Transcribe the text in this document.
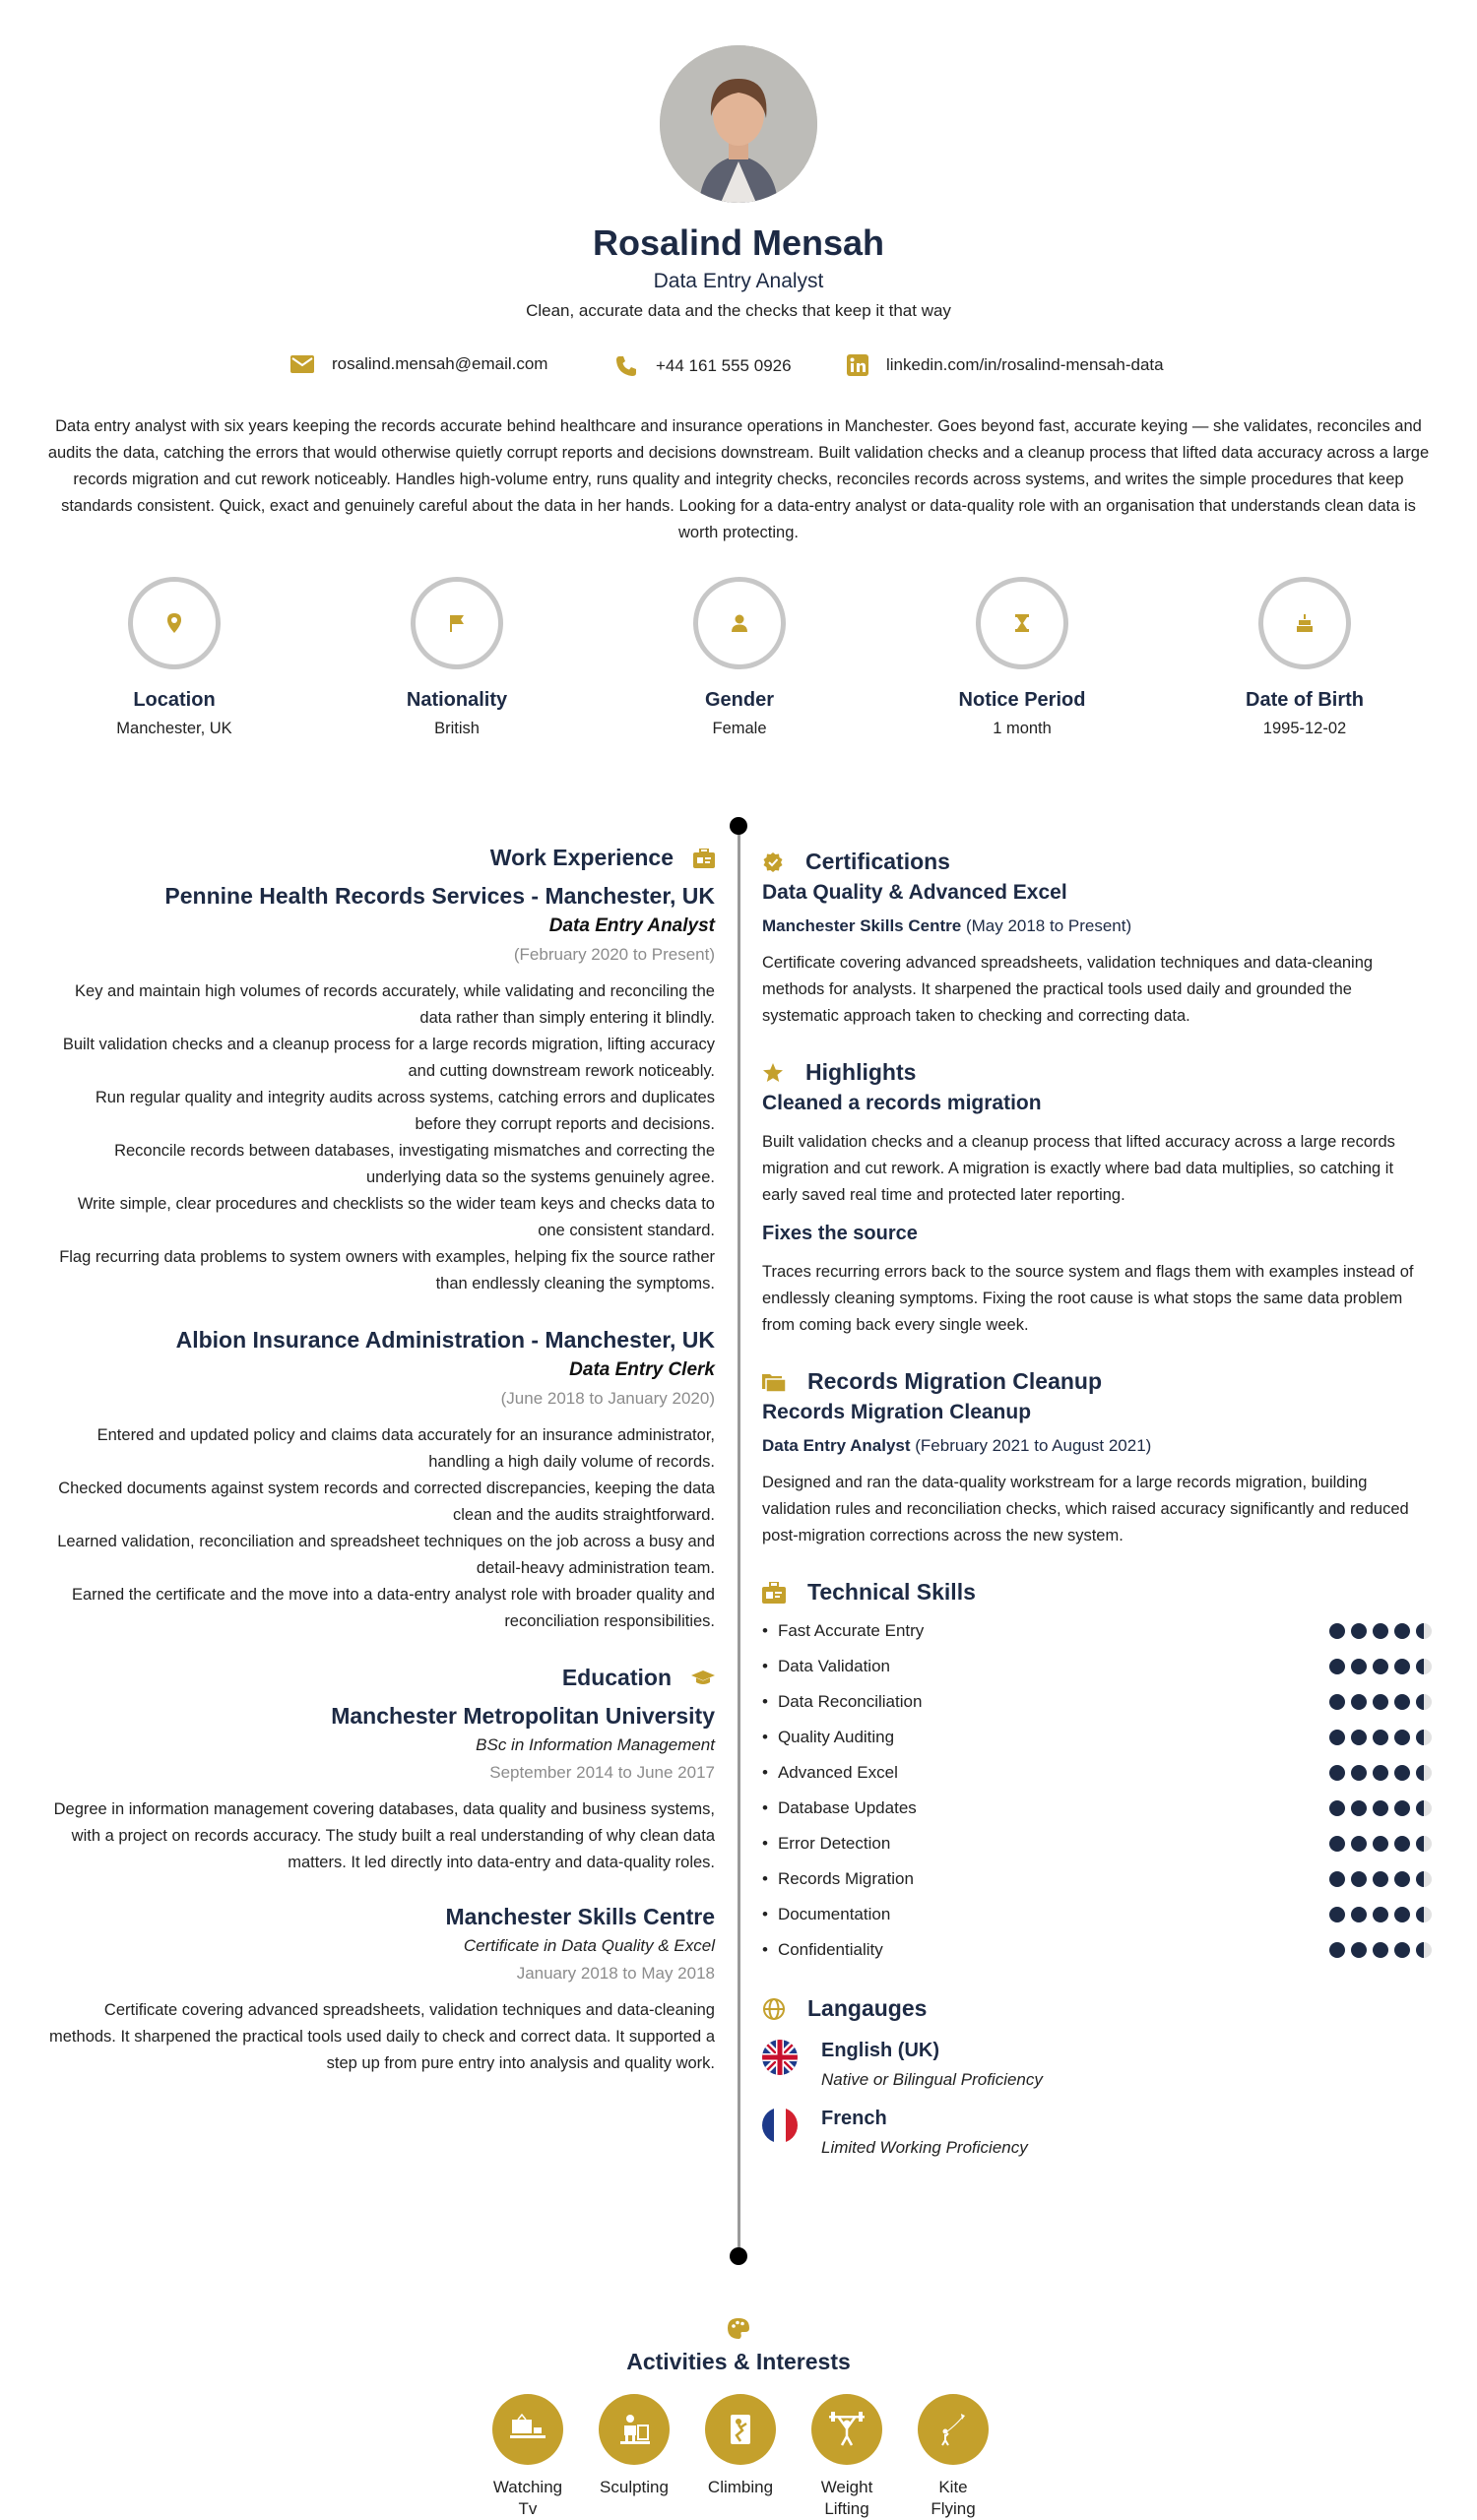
Rosalind Mensah
Data Entry Analyst
Clean, accurate data and the checks that keep it that way
rosalind.mensah@email.com	+44 161 555 0926	linkedin.com/in/rosalind-mensah-data
Data entry analyst with six years keeping the records accurate behind healthcare and insurance operations in Manchester. Goes beyond fast, accurate keying — she validates, reconciles and audits the data, catching the errors that would otherwise quietly corrupt reports and decisions downstream. Built validation checks and a cleanup process that lifted data accuracy across a large records migration and cut rework noticeably. Handles high-volume entry, runs quality and integrity checks, reconciles records across systems, and writes the simple procedures that keep standards consistent. Quick, exact and genuinely careful about the data in her hands. Looking for a data-entry analyst or data-quality role with an organisation that understands clean data is worth protecting.
Location
Manchester, UK
Nationality
British
Gender
Female
Notice Period
1 month
Date of Birth
1995-12-02
Work Experience
Pennine Health Records Services - Manchester, UK
Data Entry Analyst
(February 2020 to Present)
Key and maintain high volumes of records accurately, while validating and reconciling the data rather than simply entering it blindly.
Built validation checks and a cleanup process for a large records migration, lifting accuracy and cutting downstream rework noticeably.
Run regular quality and integrity audits across systems, catching errors and duplicates before they corrupt reports and decisions.
Reconcile records between databases, investigating mismatches and correcting the underlying data so the systems genuinely agree.
Write simple, clear procedures and checklists so the wider team keys and checks data to one consistent standard.
Flag recurring data problems to system owners with examples, helping fix the source rather than endlessly cleaning the symptoms.
Albion Insurance Administration - Manchester, UK
Data Entry Clerk
(June 2018 to January 2020)
Entered and updated policy and claims data accurately for an insurance administrator, handling a high daily volume of records.
Checked documents against system records and corrected discrepancies, keeping the data clean and the audits straightforward.
Learned validation, reconciliation and spreadsheet techniques on the job across a busy and detail-heavy administration team.
Earned the certificate and the move into a data-entry analyst role with broader quality and reconciliation responsibilities.
Education
Manchester Metropolitan University
BSc in Information Management
September 2014 to June 2017
Degree in information management covering databases, data quality and business systems, with a project on records accuracy. The study built a real understanding of why clean data matters. It led directly into data-entry and data-quality roles.
Manchester Skills Centre
Certificate in Data Quality & Excel
January 2018 to May 2018
Certificate covering advanced spreadsheets, validation techniques and data-cleaning methods. It sharpened the practical tools used daily to check and correct data. It supported a step up from pure entry into analysis and quality work.
Certifications
Data Quality & Advanced Excel
Manchester Skills Centre (May 2018 to Present)
Certificate covering advanced spreadsheets, validation techniques and data-cleaning methods for analysts. It sharpened the practical tools used daily and grounded the systematic approach taken to checking and correcting data.
Highlights
Cleaned a records migration
Built validation checks and a cleanup process that lifted accuracy across a large records migration and cut rework. A migration is exactly where bad data multiplies, so catching it early saved real time and protected later reporting.
Fixes the source
Traces recurring errors back to the source system and flags them with examples instead of endlessly cleaning symptoms. Fixing the root cause is what stops the same data problem from coming back every single week.
Records Migration Cleanup
Records Migration Cleanup
Data Entry Analyst (February 2021 to August 2021)
Designed and ran the data-quality workstream for a large records migration, building validation rules and reconciliation checks, which raised accuracy significantly and reduced post-migration corrections across the new system.
Technical Skills
• Fast Accurate Entry
• Data Validation
• Data Reconciliation
• Quality Auditing
• Advanced Excel
• Database Updates
• Error Detection
• Records Migration
• Documentation
• Confidentiality
Langauges
English (UK)
Native or Bilingual Proficiency
French
Limited Working Proficiency
Activities & Interests
Watching
Tv
Sculpting	Climbing	Weight
Lifting
Kite
Flying
